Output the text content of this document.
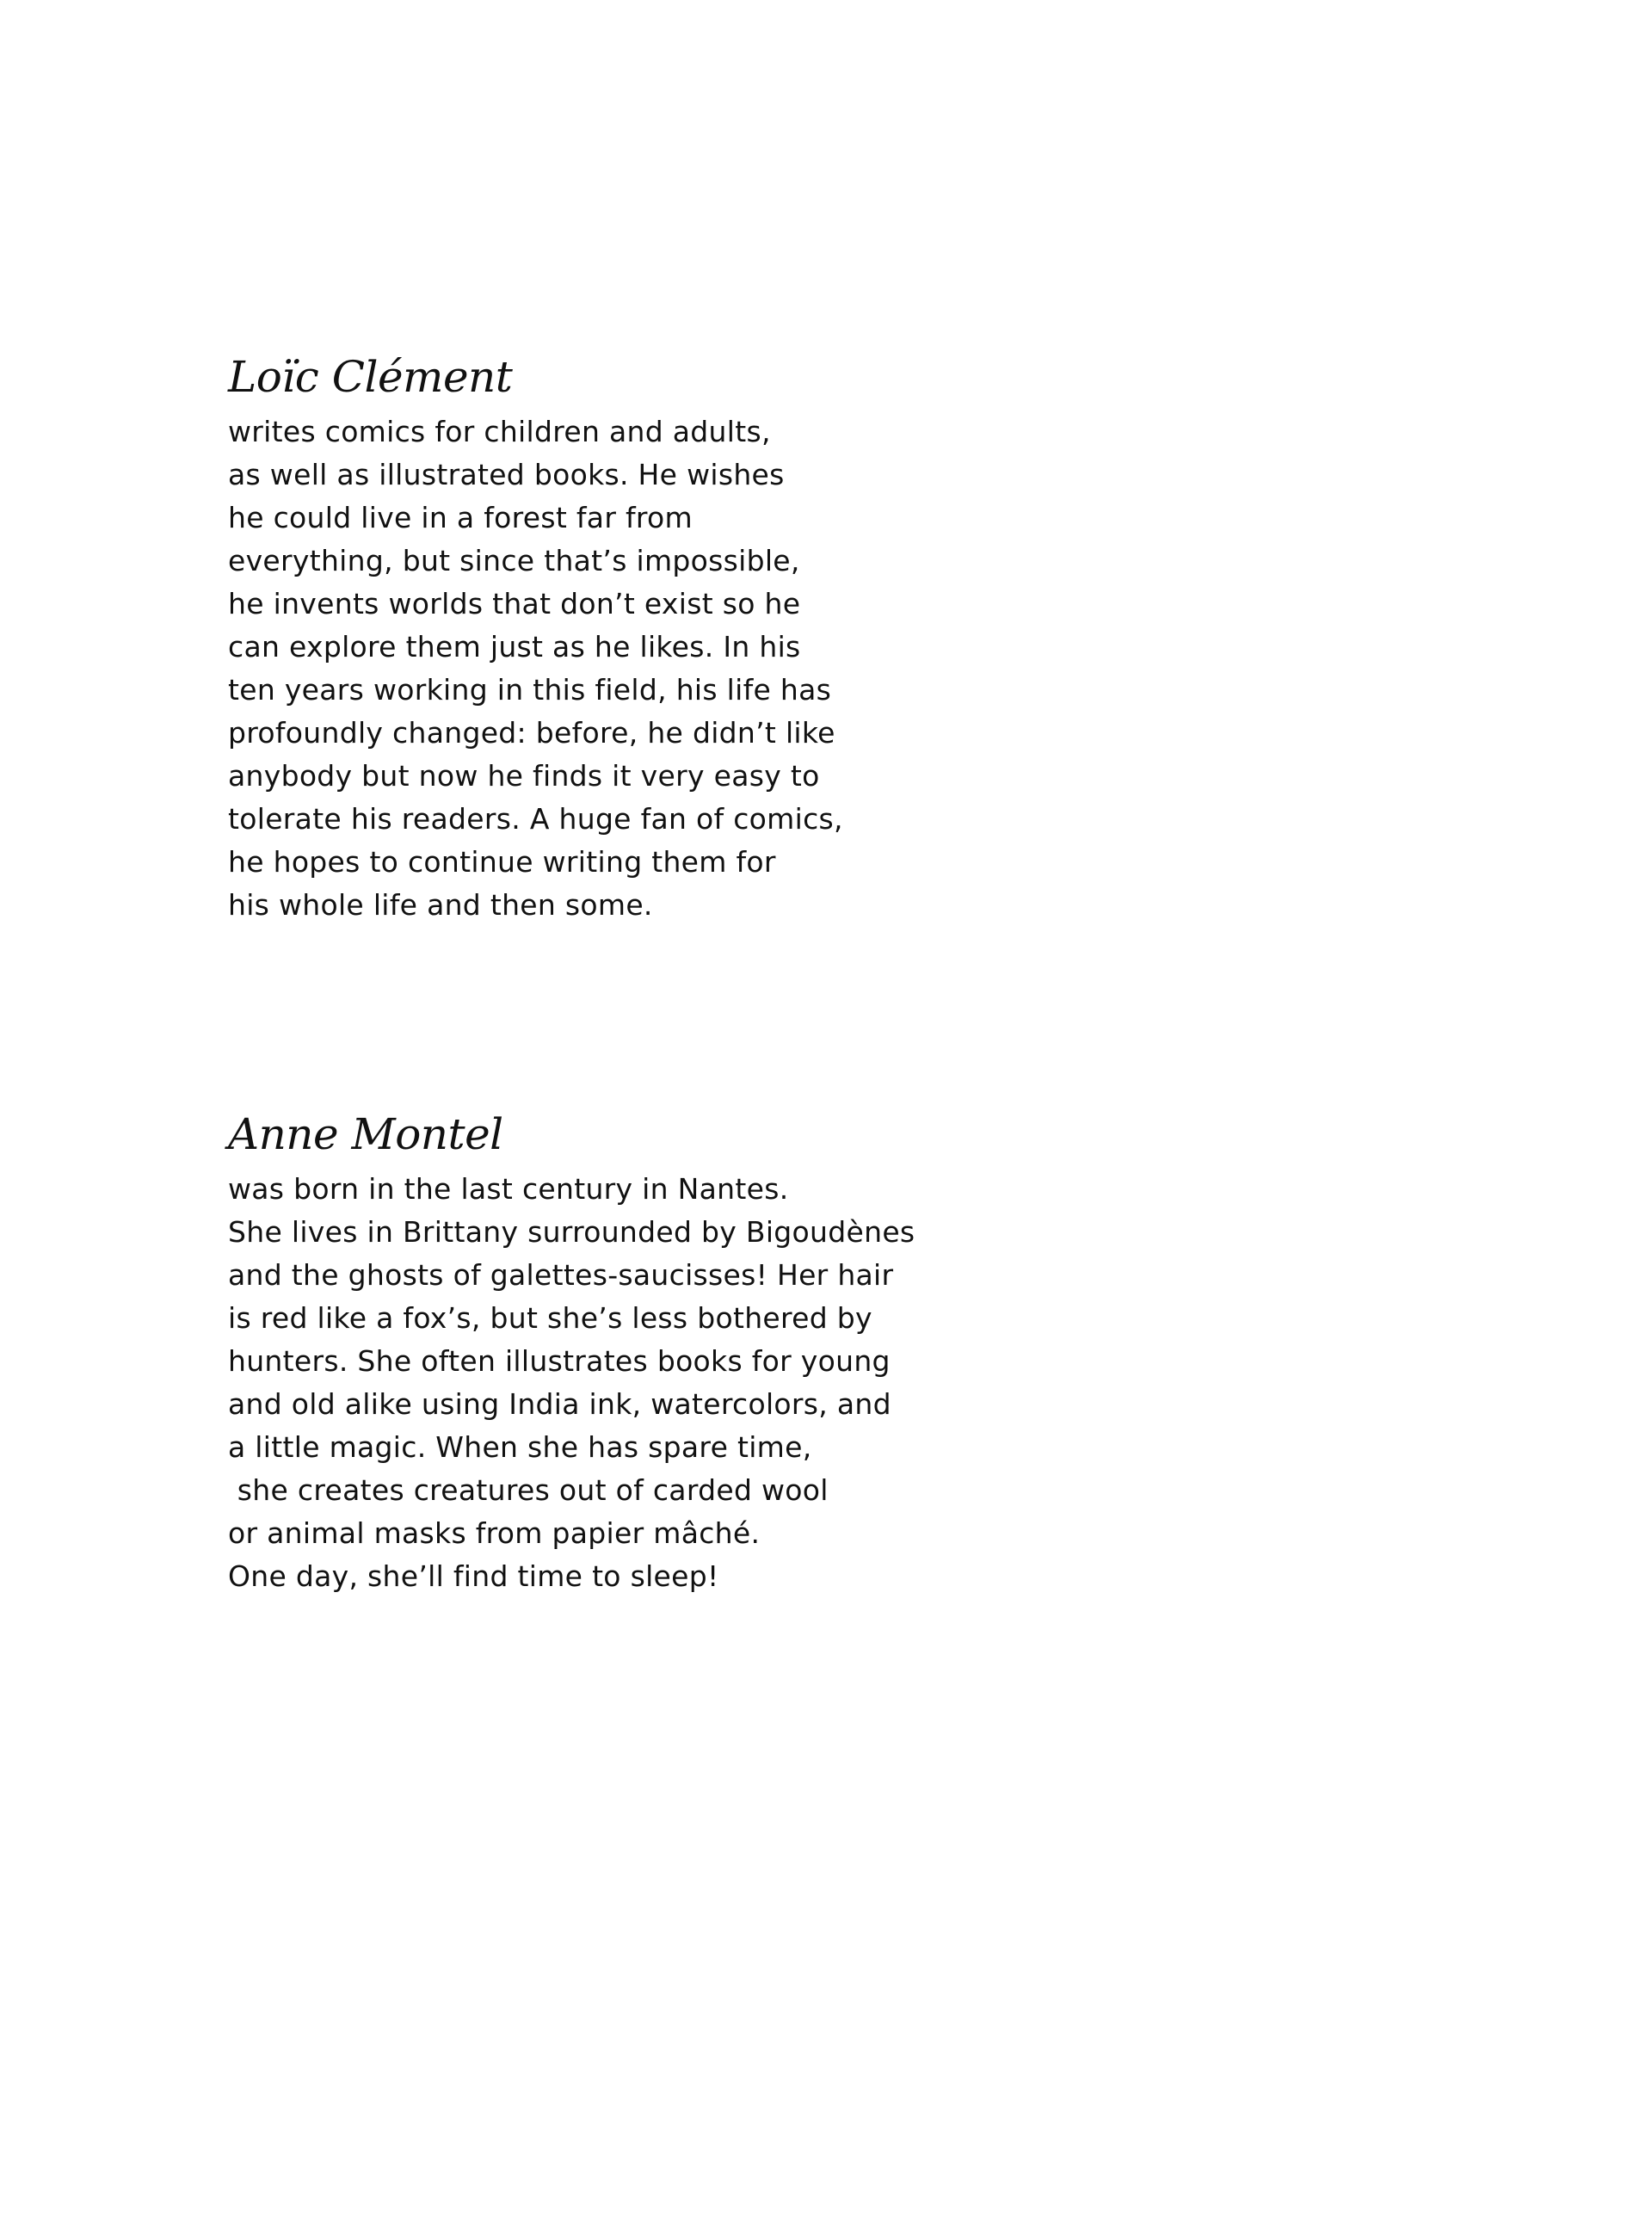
Loïc Clément
writes comics for children and adults,
as well as illustrated books. He wishes
he could live in a forest far from
everything, but since that’s impossible,
he invents worlds that don’t exist so he
can explore them just as he likes. In his
ten years working in this field, his life has
profoundly changed: before, he didn’t like
anybody but now he finds it very easy to
tolerate his readers. A huge fan of comics,
he hopes to continue writing them for
his whole life and then some.
Anne Montel
was born in the last century in Nantes.
She lives in Brittany surrounded by Bigoudènes
and the ghosts of galettes-saucisses! Her hair
is red like a fox’s, but she’s less bothered by
hunters. She often illustrates books for young
and old alike using India ink, watercolors, and
a little magic. When she has spare time,
she creates creatures out of carded wool
or animal masks from papier mâché.
One day, she’ll find time to sleep!
